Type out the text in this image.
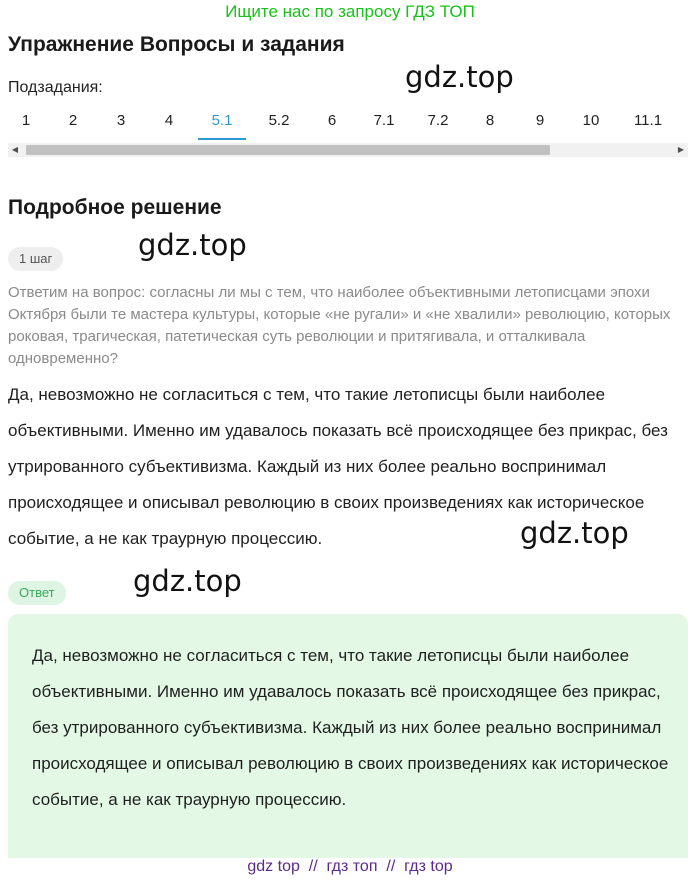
Ищите нас по запросу ГДЗ ТОП
Упражнение Вопросы и задания
gdz.top
Подзадания:
1	2	3	4	5.1	5.2	6	7.1	7.2	8	9	10	11.1
◀	▶
Подробное решение
gdz.top
1 шаг
Ответим на вопрос: согласны ли мы с тем, что наиболее объективными летописцами эпохи Октября были те мастера культуры, которые «не ругали» и «не хвалили» революцию, которых роковая, трагическая, патетическая суть революции и притягивала, и отталкивала одновременно?
Да, невозможно не согласиться с тем, что такие летописцы были наиболее объективными. Именно им удавалось показать всё происходящее без прикрас, без утрированного субъективизма. Каждый из них более реально воспринимал происходящее и описывал революцию в своих произведениях как историческое событие, а не как траурную процессию.	gdz.top
gdz.top
Ответ
Да, невозможно не согласиться с тем, что такие летописцы были наиболее объективными. Именно им удавалось показать всё происходящее без прикрас, без утрированного субъективизма. Каждый из них более реально воспринимал происходящее и описывал революцию в своих произведениях как историческое событие, а не как траурную процессию.
gdz top  //  гдз топ  //  гдз top
